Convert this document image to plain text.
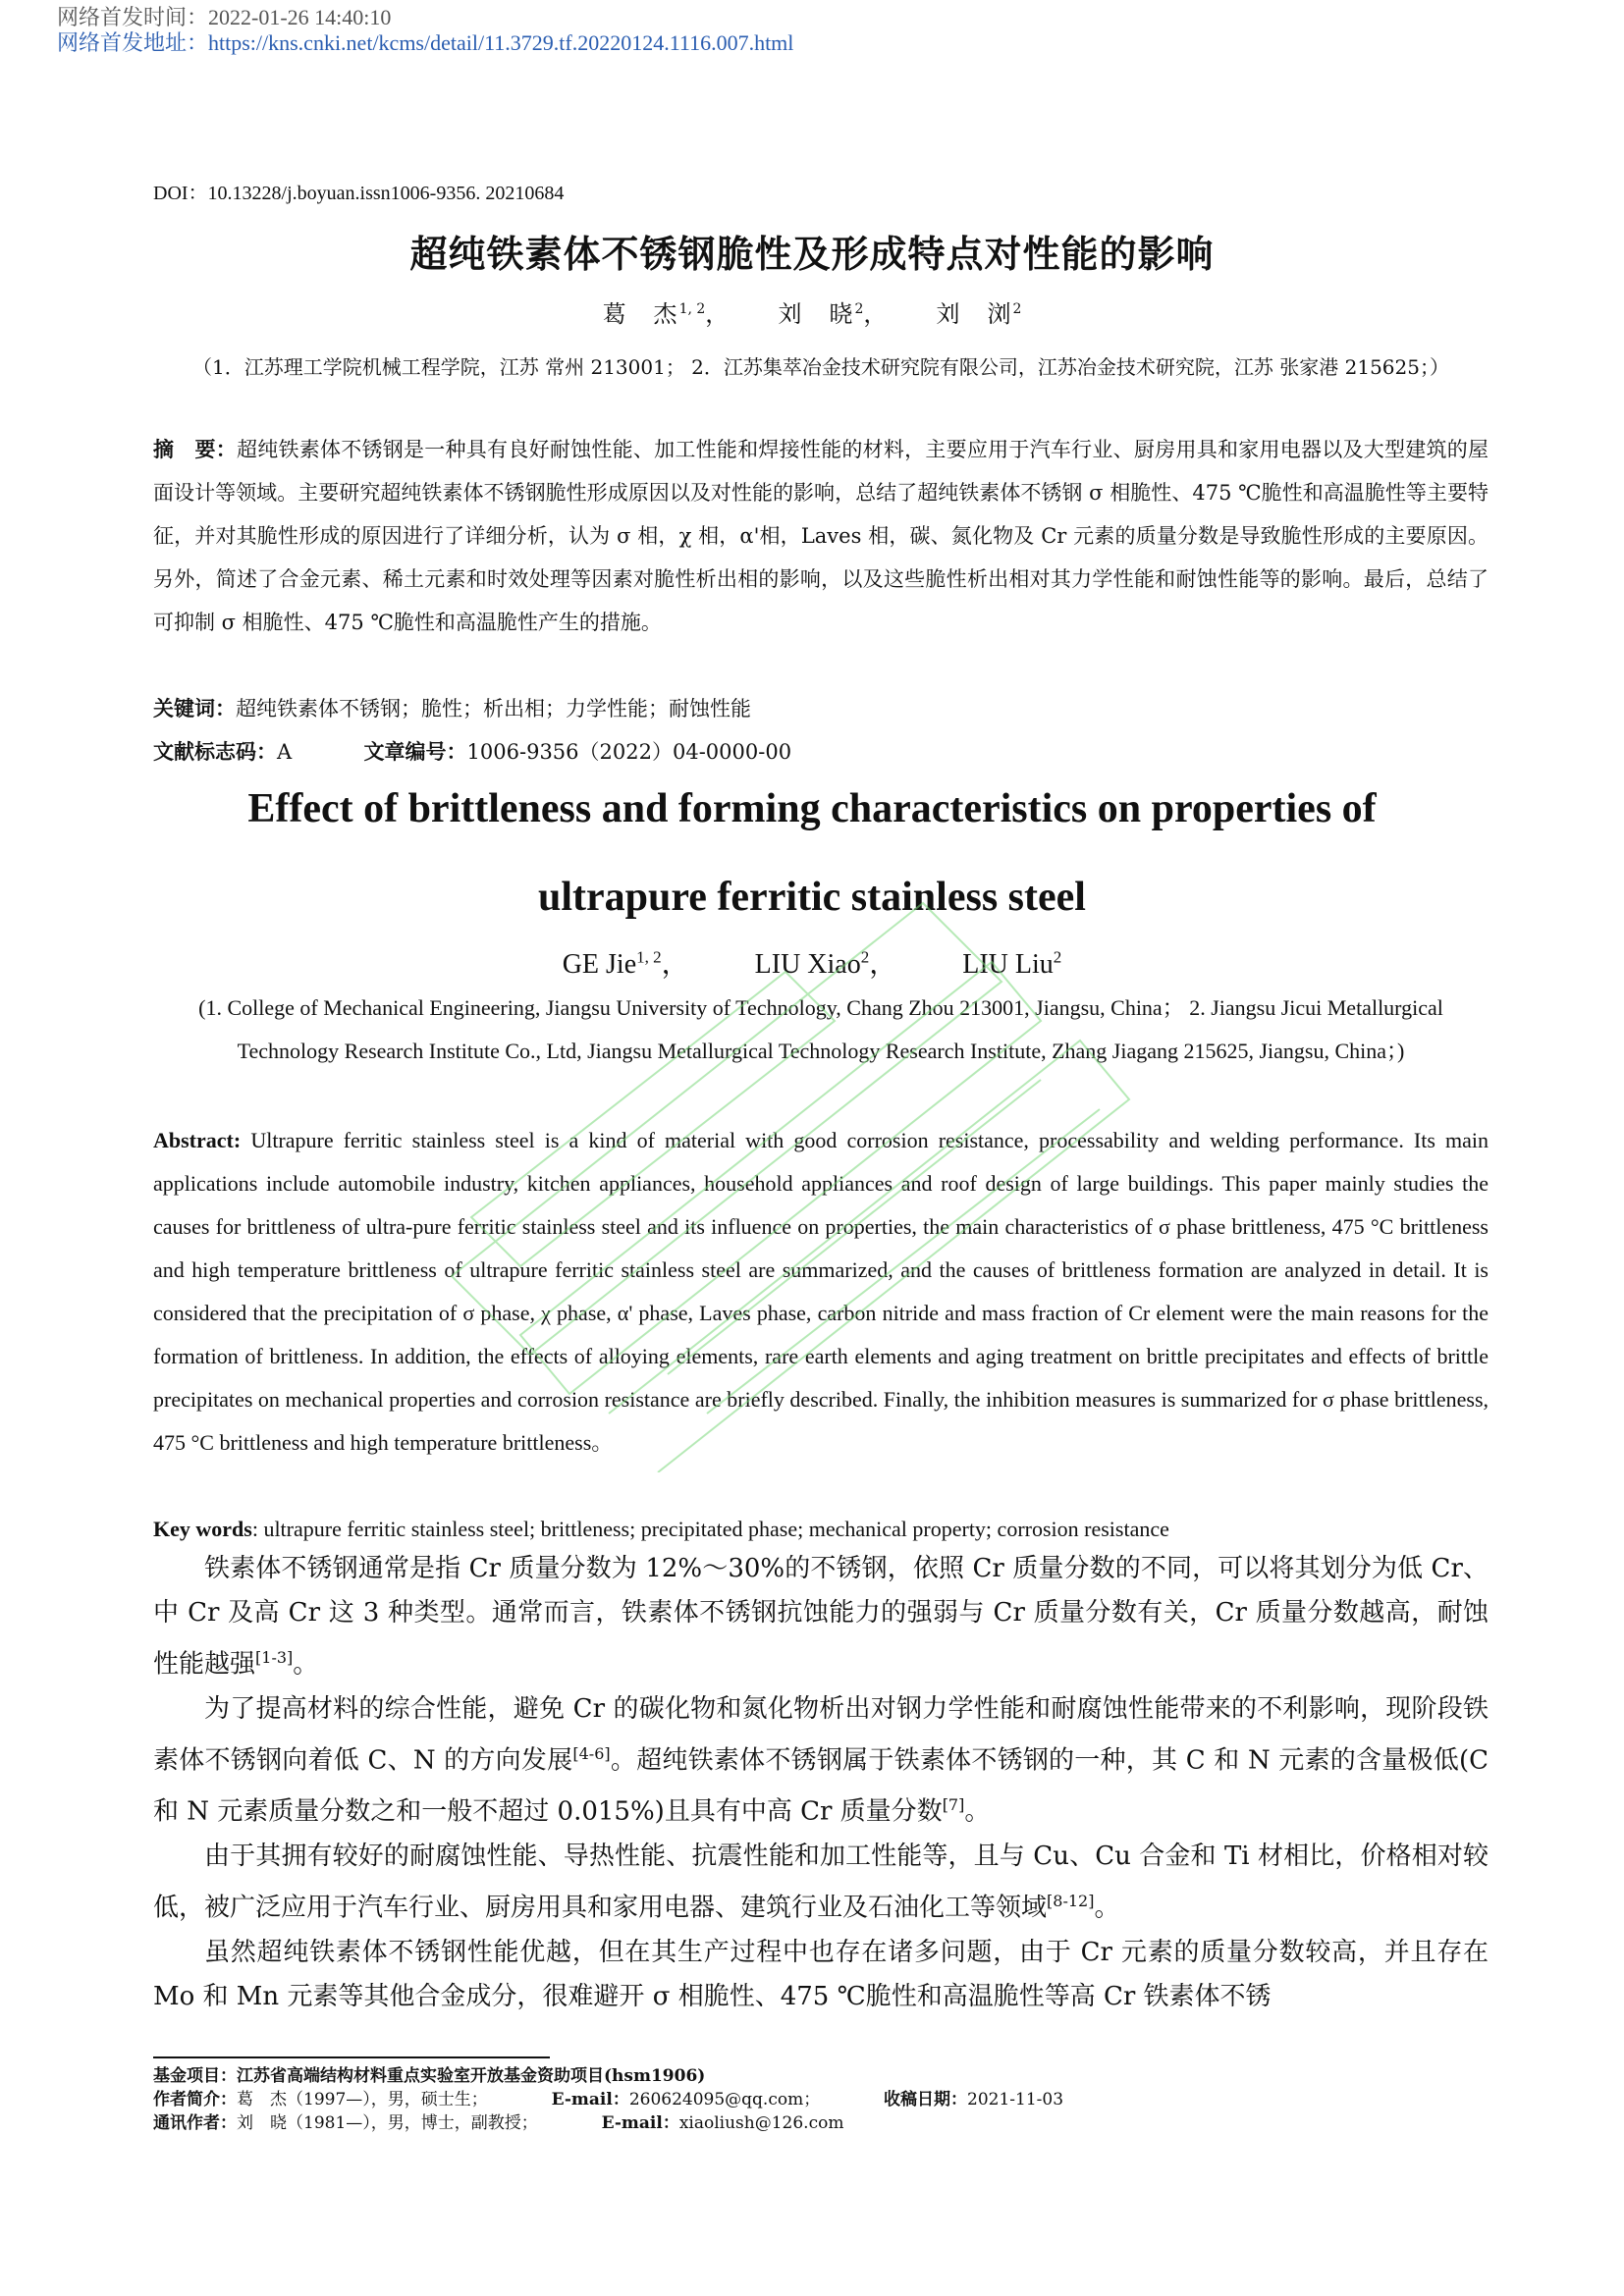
网络首发时间：2022-01-26 14:40:10
网络首发地址：https://kns.cnki.net/kcms/detail/11.3729.tf.20220124.1116.007.html
DOI：10.13228/j.boyuan.issn1006-9356. 20210684
超纯铁素体不锈钢脆性及形成特点对性能的影响
葛　杰$^{1, 2}$， 刘　晓$^2$， 刘　浏$^2$
（1．江苏理工学院机械工程学院，江苏 常州 213001； 2．江苏集萃冶金技术研究院有限公司，江苏冶金技术研究院，江苏 张家港 215625；）
摘　要：超纯铁素体不锈钢是一种具有良好耐蚀性能、加工性能和焊接性能的材料，主要应用于汽车行业、厨房用具和家用电器以及大型建筑的屋面设计等领域。主要研究超纯铁素体不锈钢脆性形成原因以及对性能的影响，总结了超纯铁素体不锈钢 σ 相脆性、475 ℃脆性和高温脆性等主要特征，并对其脆性形成的原因进行了详细分析，认为 σ 相，χ 相，α'相，Laves 相，碳、氮化物及 Cr 元素的质量分数是导致脆性形成的主要原因。另外，简述了合金元素、稀土元素和时效处理等因素对脆性析出相的影响，以及这些脆性析出相对其力学性能和耐蚀性能等的影响。最后，总结了可抑制 σ 相脆性、475 ℃脆性和高温脆性产生的措施。
关键词：超纯铁素体不锈钢；脆性；析出相；力学性能；耐蚀性能
文献标志码：A	文章编号：1006-9356（2022）04-0000-00
Effect of brittleness and forming characteristics on properties of
ultrapure ferritic stainless steel
GE Jie$^{1, 2}$， LIU Xiao$^2$， LIU Liu$^2$
(1. College of Mechanical Engineering, Jiangsu University of Technology, Chang Zhou 213001, Jiangsu, China； 2. Jiangsu Jicui Metallurgical Technology Research Institute Co., Ltd, Jiangsu Metallurgical Technology Research Institute, Zhang Jiagang 215625, Jiangsu, China；)
Abstract: Ultrapure ferritic stainless steel is a kind of material with good corrosion resistance, processability and welding performance. Its main applications include automobile industry, kitchen appliances, household appliances and roof design of large buildings. This paper mainly studies the causes for brittleness of ultra-pure ferritic stainless steel and its influence on properties, the main characteristics of σ phase brittleness, 475 °C brittleness and high temperature brittleness of ultrapure ferritic stainless steel are summarized, and the causes of brittleness formation are analyzed in detail. It is considered that the precipitation of σ phase, χ phase, α' phase, Laves phase, carbon nitride and mass fraction of Cr element were the main reasons for the formation of brittleness. In addition, the effects of alloying elements, rare earth elements and aging treatment on brittle precipitates and effects of brittle precipitates on mechanical properties and corrosion resistance are briefly described. Finally, the inhibition measures is summarized for σ phase brittleness, 475 °C brittleness and high temperature brittleness。
Key words: ultrapure ferritic stainless steel; brittleness; precipitated phase; mechanical property; corrosion resistance

铁素体不锈钢通常是指 Cr 质量分数为 12%～30%的不锈钢，依照 Cr 质量分数的不同，可以将其划分为低 Cr、中 Cr 及高 Cr 这 3 种类型。通常而言，铁素体不锈钢抗蚀能力的强弱与 Cr 质量分数有关，Cr 质量分数越高，耐蚀性能越强[1-3]。

为了提高材料的综合性能，避免 Cr 的碳化物和氮化物析出对钢力学性能和耐腐蚀性能带来的不利影响，现阶段铁素体不锈钢向着低 C、N 的方向发展[4-6]。超纯铁素体不锈钢属于铁素体不锈钢的一种，其 C 和 N 元素的含量极低(C 和 N 元素质量分数之和一般不超过 0.015%)且具有中高 Cr 质量分数[7]。

由于其拥有较好的耐腐蚀性能、导热性能、抗震性能和加工性能等，且与 Cu、Cu 合金和 Ti 材相比，价格相对较低，被广泛应用于汽车行业、厨房用具和家用电器、建筑行业及石油化工等领域[8-12]。

虽然超纯铁素体不锈钢性能优越，但在其生产过程中也存在诸多问题，由于 Cr 元素的质量分数较高，并且存在 Mo 和 Mn 元素等其他合金成分，很难避开 σ 相脆性、475 ℃脆性和高温脆性等高 Cr 铁素体不锈

基金项目：江苏省高端结构材料重点实验室开放基金资助项目(hsm1906)
作者简介：葛　杰（1997—），男，硕士生；	E-mail：260624095@qq.com；	收稿日期：2021-11-03
通讯作者：刘　晓（1981—），男，博士，副教授；	E-mail：xiaoliush@126.com
